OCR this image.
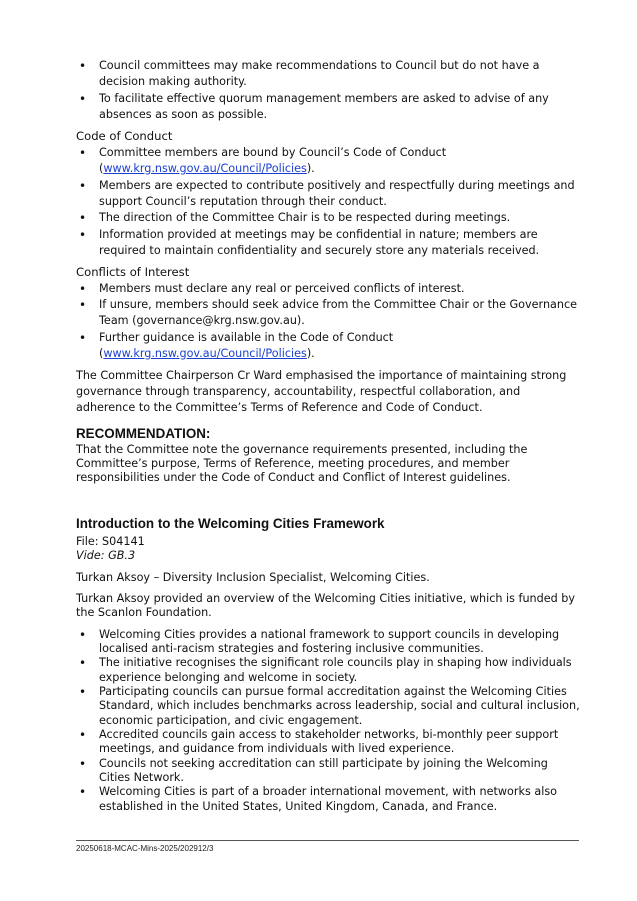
• Council committees may make recommendations to Council but do not have a decision making authority.
• To facilitate effective quorum management members are asked to advise of any absences as soon as possible.
Code of Conduct
• Committee members are bound by Council’s Code of Conduct (www.krg.nsw.gov.au/Council/Policies).
• Members are expected to contribute positively and respectfully during meetings and support Council’s reputation through their conduct.
• The direction of the Committee Chair is to be respected during meetings.
• Information provided at meetings may be confidential in nature; members are required to maintain confidentiality and securely store any materials received.
Conflicts of Interest
• Members must declare any real or perceived conflicts of interest.
• If unsure, members should seek advice from the Committee Chair or the Governance Team (governance@krg.nsw.gov.au).
• Further guidance is available in the Code of Conduct (www.krg.nsw.gov.au/Council/Policies).

The Committee Chairperson Cr Ward emphasised the importance of maintaining strong governance through transparency, accountability, respectful collaboration, and adherence to the Committee’s Terms of Reference and Code of Conduct.

RECOMMENDATION:

That the Committee note the governance requirements presented, including the Committee’s purpose, Terms of Reference, meeting procedures, and member responsibilities under the Code of Conduct and Conflict of Interest guidelines.

Introduction to the Welcoming Cities Framework

File: S04141

Vide: GB.3

Turkan Aksoy – Diversity Inclusion Specialist, Welcoming Cities.

Turkan Aksoy provided an overview of the Welcoming Cities initiative, which is funded by the Scanlon Foundation.

• Welcoming Cities provides a national framework to support councils in developing localised anti-racism strategies and fostering inclusive communities.
• The initiative recognises the significant role councils play in shaping how individuals experience belonging and welcome in society.
• Participating councils can pursue formal accreditation against the Welcoming Cities Standard, which includes benchmarks across leadership, social and cultural inclusion, economic participation, and civic engagement.
• Accredited councils gain access to stakeholder networks, bi-monthly peer support meetings, and guidance from individuals with lived experience.
• Councils not seeking accreditation can still participate by joining the Welcoming Cities Network.
• Welcoming Cities is part of a broader international movement, with networks also established in the United States, United Kingdom, Canada, and France.
20250618-MCAC-Mins-2025/202912/3
